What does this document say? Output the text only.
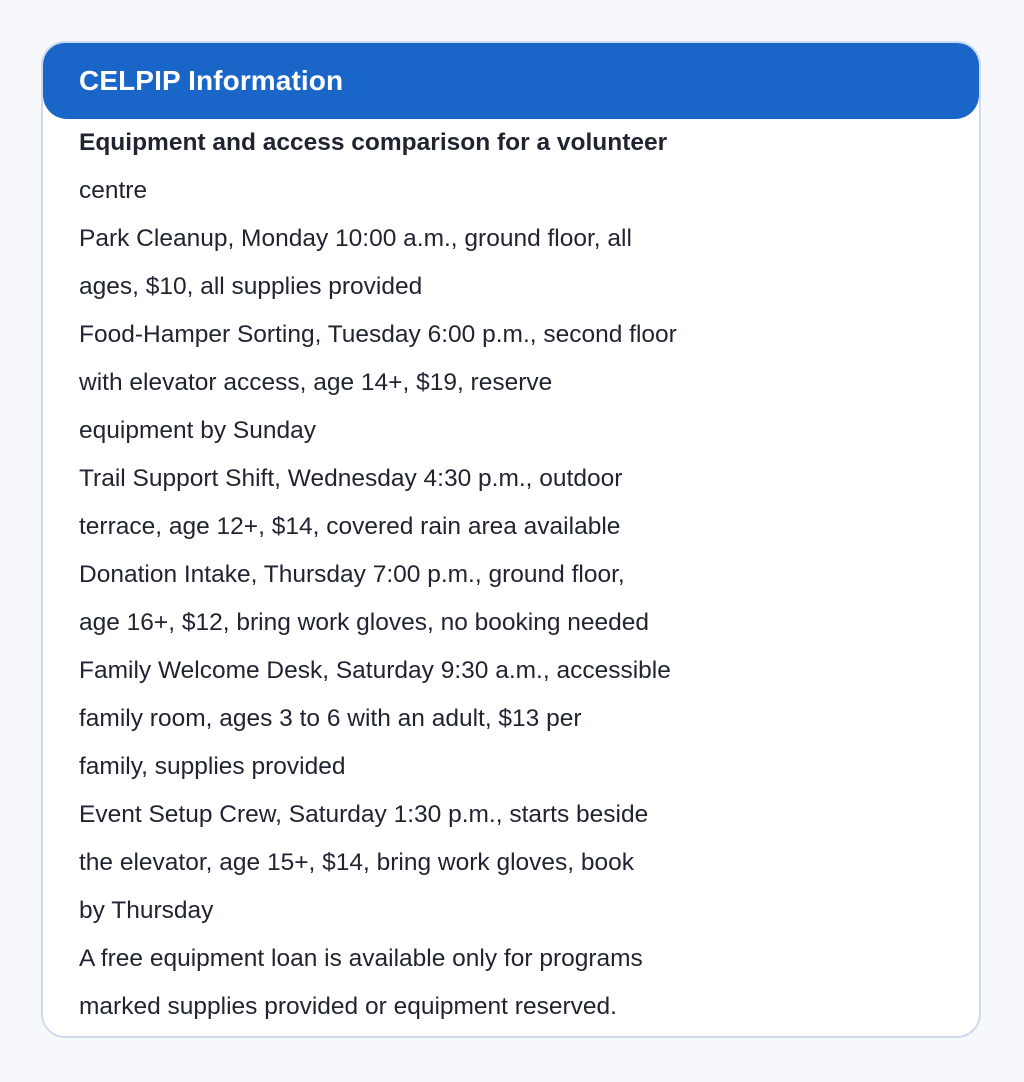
CELPIP Information
Equipment and access comparison for a volunteer
centre
Park Cleanup, Monday 10:00 a.m., ground floor, all
ages, $10, all supplies provided
Food-Hamper Sorting, Tuesday 6:00 p.m., second floor
with elevator access, age 14+, $19, reserve
equipment by Sunday
Trail Support Shift, Wednesday 4:30 p.m., outdoor
terrace, age 12+, $14, covered rain area available
Donation Intake, Thursday 7:00 p.m., ground floor,
age 16+, $12, bring work gloves, no booking needed
Family Welcome Desk, Saturday 9:30 a.m., accessible
family room, ages 3 to 6 with an adult, $13 per
family, supplies provided
Event Setup Crew, Saturday 1:30 p.m., starts beside
the elevator, age 15+, $14, bring work gloves, book
by Thursday
A free equipment loan is available only for programs
marked supplies provided or equipment reserved.
